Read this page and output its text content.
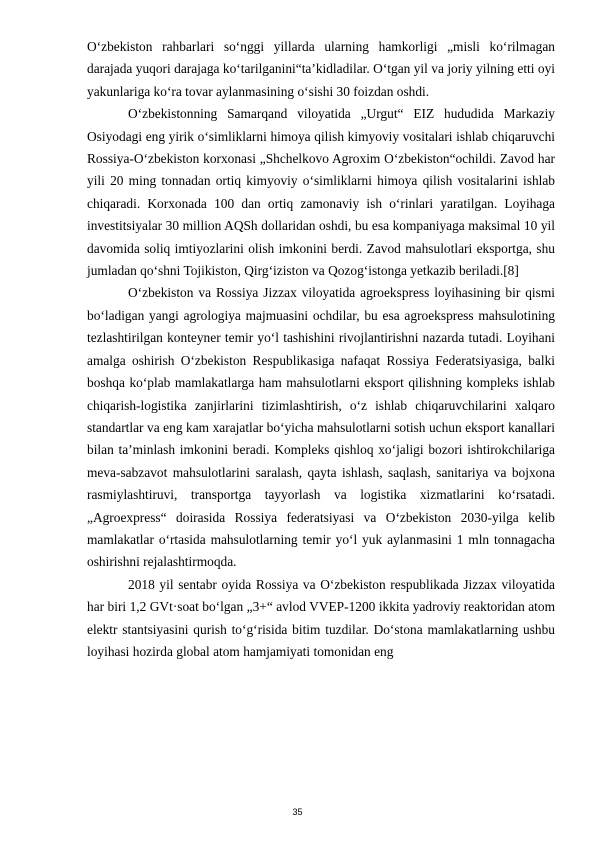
O‘zbekiston rahbarlari so‘nggi yillarda ularning hamkorligi „misli ko‘rilmagan darajada yuqori darajaga ko‘tarilganini“ta’kidladilar. O‘tgan yil va joriy yilning etti oyi yakunlariga ko‘ra tovar aylanmasining o‘sishi 30 foizdan oshdi.

O‘zbekistonning Samarqand viloyatida „Urgut“ EIZ hududida Markaziy Osiyodagi eng yirik o‘simliklarni himoya qilish kimyoviy vositalari ishlab chiqaruvchi Rossiya-O‘zbekiston korxonasi „Shchelkovo Agroxim O‘zbekiston“ochildi. Zavod har yili 20 ming tonnadan ortiq kimyoviy o‘simliklarni himoya qilish vositalarini ishlab chiqaradi. Korxonada 100 dan ortiq zamonaviy ish o‘rinlari yaratilgan. Loyihaga investitsiyalar 30 million AQSh dollaridan oshdi, bu esa kompaniyaga maksimal 10 yil davomida soliq imtiyozlarini olish imkonini berdi. Zavod mahsulotlari eksportga, shu jumladan qo‘shni Tojikiston, Qirg‘iziston va Qozog‘istonga yetkazib beriladi.[8]

O‘zbekiston va Rossiya Jizzax viloyatida agroekspress loyihasining bir qismi bo‘ladigan yangi agrologiya majmuasini ochdilar, bu esa agroekspress mahsulotining tezlashtirilgan konteyner temir yo‘l tashishini rivojlantirishni nazarda tutadi. Loyihani amalga oshirish O‘zbekiston Respublikasiga nafaqat Rossiya Federatsiyasiga, balki boshqa ko‘plab mamlakatlarga ham mahsulotlarni eksport qilishning kompleks ishlab chiqarish-logistika zanjirlarini tizimlashtirish, o‘z ishlab chiqaruvchilarini xalqaro standartlar va eng kam xarajatlar bo‘yicha mahsulotlarni sotish uchun eksport kanallari bilan ta’minlash imkonini beradi. Kompleks qishloq xo‘jaligi bozori ishtirokchilariga meva-sabzavot mahsulotlarini saralash, qayta ishlash, saqlash, sanitariya va bojxona rasmiylashtiruvi, transportga tayyorlash va logistika xizmatlarini ko‘rsatadi. „Agroexpress“ doirasida Rossiya federatsiyasi va O‘zbekiston 2030-yilga kelib mamlakatlar o‘rtasida mahsulotlarning temir yo‘l yuk aylanmasini 1 mln tonnagacha oshirishni rejalashtirmoqda.

2018 yil sentabr oyida Rossiya va O‘zbekiston respublikada Jizzax viloyatida har biri 1,2 GVt·soat bo‘lgan „3+“ avlod VVEP-1200 ikkita yadroviy reaktoridan atom elektr stantsiyasini qurish to‘g‘risida bitim tuzdilar. Do‘stona mamlakatlarning ushbu loyihasi hozirda global atom hamjamiyati tomonidan eng

35
